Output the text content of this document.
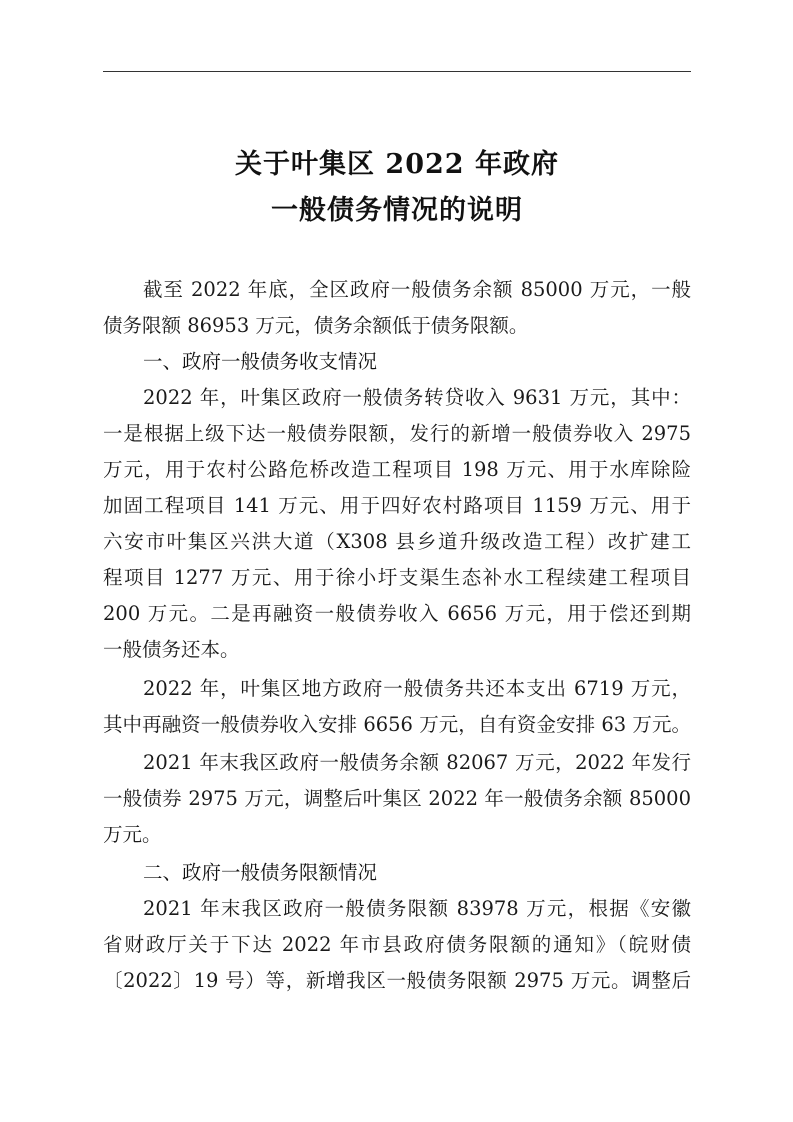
关于叶集区 2022 年政府
一般债务情况的说明
截至 2022 年底，全区政府一般债务余额 85000 万元，一般
债务限额 86953 万元，债务余额低于债务限额。
一、政府一般债务收支情况
2022 年，叶集区政府一般债务转贷收入 9631 万元，其中：
一是根据上级下达一般债券限额，发行的新增一般债券收入 2975
万元，用于农村公路危桥改造工程项目 198 万元、用于水库除险
加固工程项目 141 万元、用于四好农村路项目 1159 万元、用于
六安市叶集区兴洪大道（X308 县乡道升级改造工程）改扩建工
程项目 1277 万元、用于徐小圩支渠生态补水工程续建工程项目
200 万元。二是再融资一般债券收入 6656 万元，用于偿还到期
一般债务还本。
2022 年，叶集区地方政府一般债务共还本支出 6719 万元，
其中再融资一般债券收入安排 6656 万元，自有资金安排 63 万元。
2021 年末我区政府一般债务余额 82067 万元，2022 年发行
一般债券 2975 万元，调整后叶集区 2022 年一般债务余额 85000
万元。
二、政府一般债务限额情况
2021 年末我区政府一般债务限额 83978 万元，根据《安徽
省财政厅关于下达 2022 年市县政府债务限额的通知》（皖财债
〔2022〕19 号）等，新增我区一般债务限额 2975 万元。调整后
